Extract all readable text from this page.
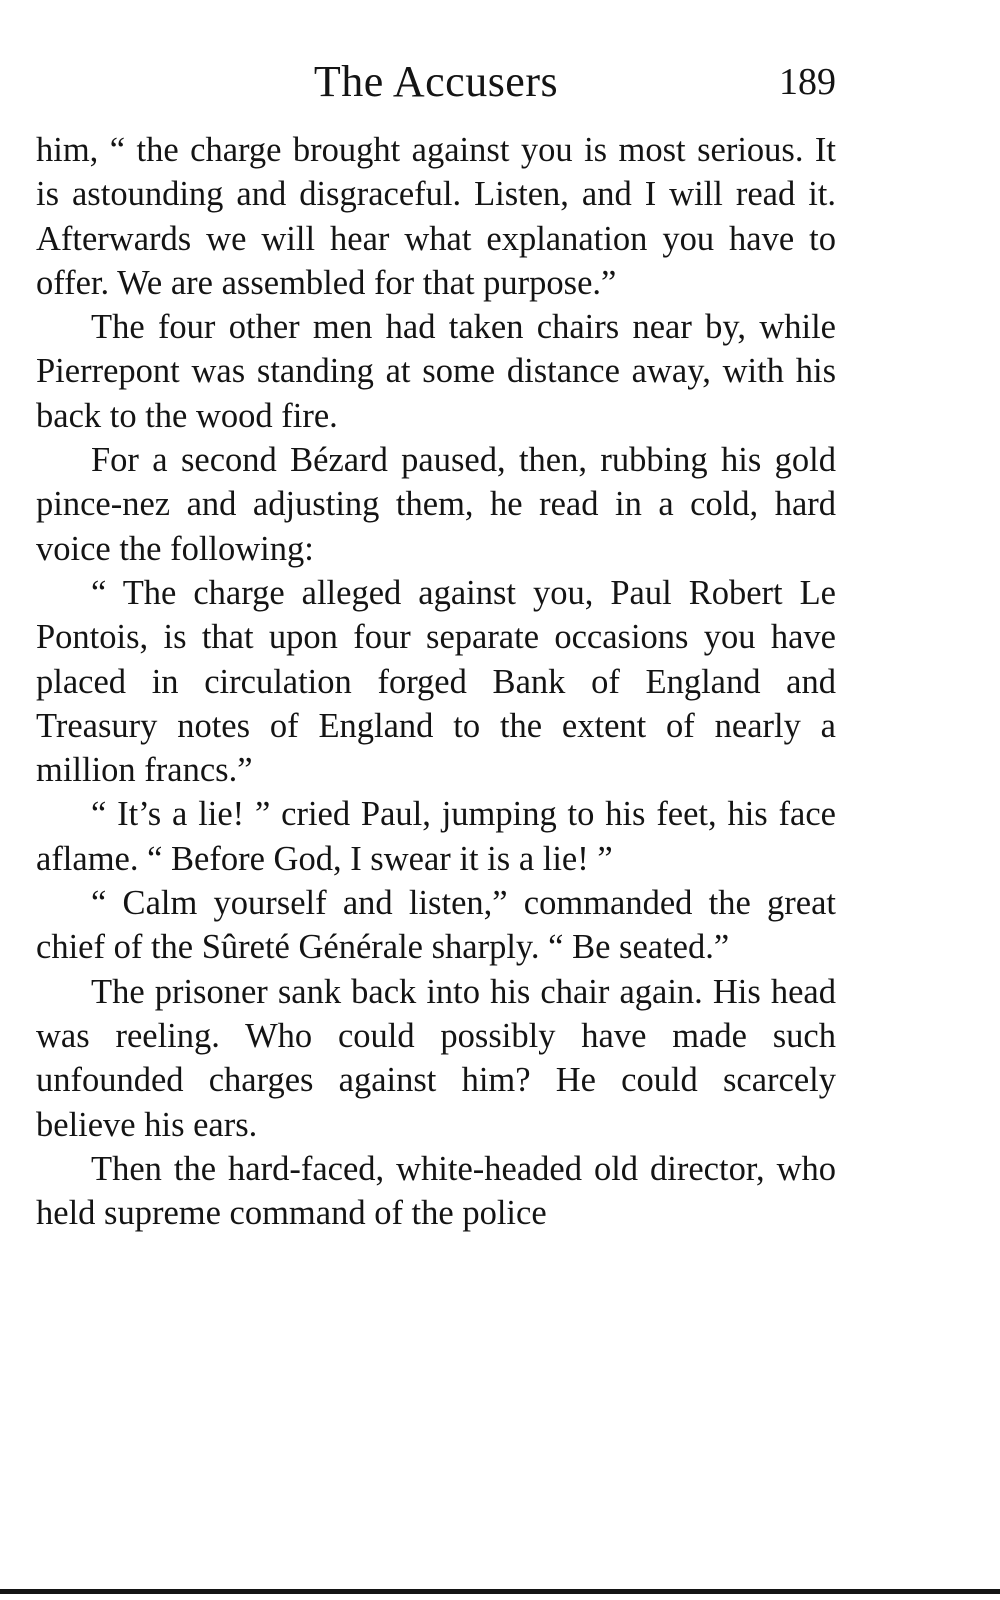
The Accusers	189

him, “ the charge brought against you is most serious. It is astounding and disgraceful. Listen, and I will read it. Afterwards we will hear what explanation you have to offer. We are assembled for that purpose.”

The four other men had taken chairs near by, while Pierrepont was standing at some distance away, with his back to the wood fire.

For a second Bézard paused, then, rubbing his gold pince-nez and adjusting them, he read in a cold, hard voice the following:

“ The charge alleged against you, Paul Robert Le Pontois, is that upon four separate occasions you have placed in circulation forged Bank of England and Treasury notes of England to the extent of nearly a million francs.”

“ It’s a lie! ” cried Paul, jumping to his feet, his face aflame. “ Before God, I swear it is a lie! ”

“ Calm yourself and listen,” commanded the great chief of the Sûreté Générale sharply. “ Be seated.”

The prisoner sank back into his chair again. His head was reeling. Who could possibly have made such unfounded charges against him? He could scarcely believe his ears.

Then the hard-faced, white-headed old director, who held supreme command of the police
